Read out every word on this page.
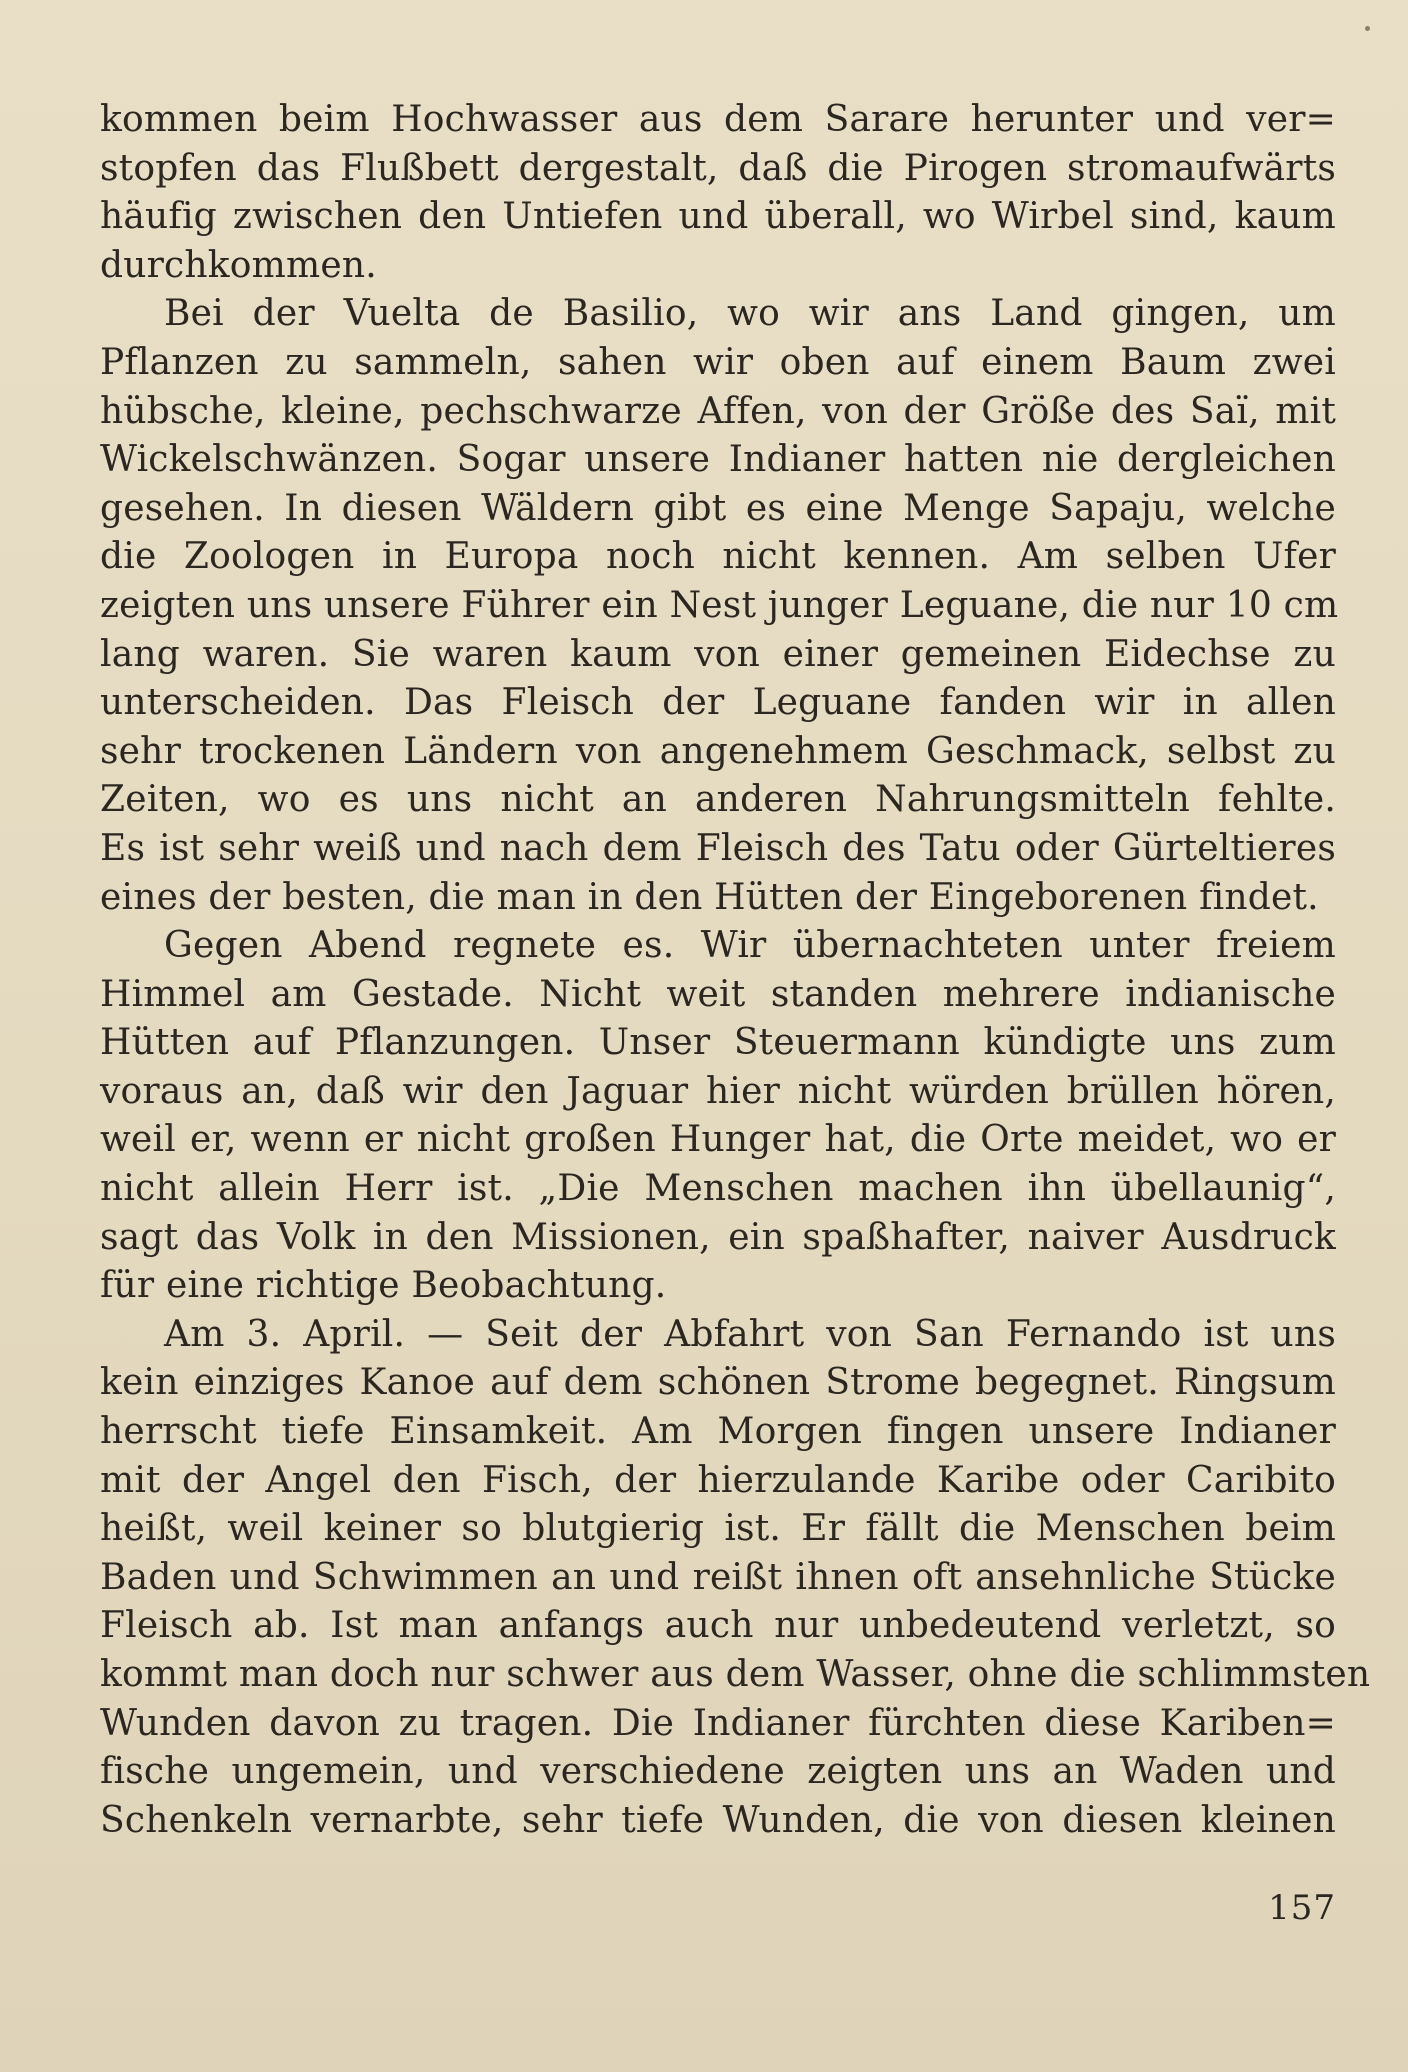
kommen beim Hochwasser aus dem Sarare herunter und ver=
stopfen das Flußbett dergestalt, daß die Pirogen stromaufwärts
häufig zwischen den Untiefen und überall, wo Wirbel sind, kaum
durchkommen.
Bei der Vuelta de Basilio, wo wir ans Land gingen, um
Pflanzen zu sammeln, sahen wir oben auf einem Baum zwei
hübsche, kleine, pechschwarze Affen, von der Größe des Saï, mit
Wickelschwänzen. Sogar unsere Indianer hatten nie dergleichen
gesehen. In diesen Wäldern gibt es eine Menge Sapaju, welche
die Zoologen in Europa noch nicht kennen. Am selben Ufer
zeigten uns unsere Führer ein Nest junger Leguane, die nur 10 cm
lang waren. Sie waren kaum von einer gemeinen Eidechse zu
unterscheiden. Das Fleisch der Leguane fanden wir in allen
sehr trockenen Ländern von angenehmem Geschmack, selbst zu
Zeiten, wo es uns nicht an anderen Nahrungsmitteln fehlte.
Es ist sehr weiß und nach dem Fleisch des Tatu oder Gürteltieres
eines der besten, die man in den Hütten der Eingeborenen findet.
Gegen Abend regnete es. Wir übernachteten unter freiem
Himmel am Gestade. Nicht weit standen mehrere indianische
Hütten auf Pflanzungen. Unser Steuermann kündigte uns zum
voraus an, daß wir den Jaguar hier nicht würden brüllen hören,
weil er, wenn er nicht großen Hunger hat, die Orte meidet, wo er
nicht allein Herr ist. „Die Menschen machen ihn übellaunig“,
sagt das Volk in den Missionen, ein spaßhafter, naiver Ausdruck
für eine richtige Beobachtung.
Am 3. April. — Seit der Abfahrt von San Fernando ist uns
kein einziges Kanoe auf dem schönen Strome begegnet. Ringsum
herrscht tiefe Einsamkeit. Am Morgen fingen unsere Indianer
mit der Angel den Fisch, der hierzulande Karibe oder Caribito
heißt, weil keiner so blutgierig ist. Er fällt die Menschen beim
Baden und Schwimmen an und reißt ihnen oft ansehnliche Stücke
Fleisch ab. Ist man anfangs auch nur unbedeutend verletzt, so
kommt man doch nur schwer aus dem Wasser, ohne die schlimmsten
Wunden davon zu tragen. Die Indianer fürchten diese Kariben=
fische ungemein, und verschiedene zeigten uns an Waden und
Schenkeln vernarbte, sehr tiefe Wunden, die von diesen kleinen
157
